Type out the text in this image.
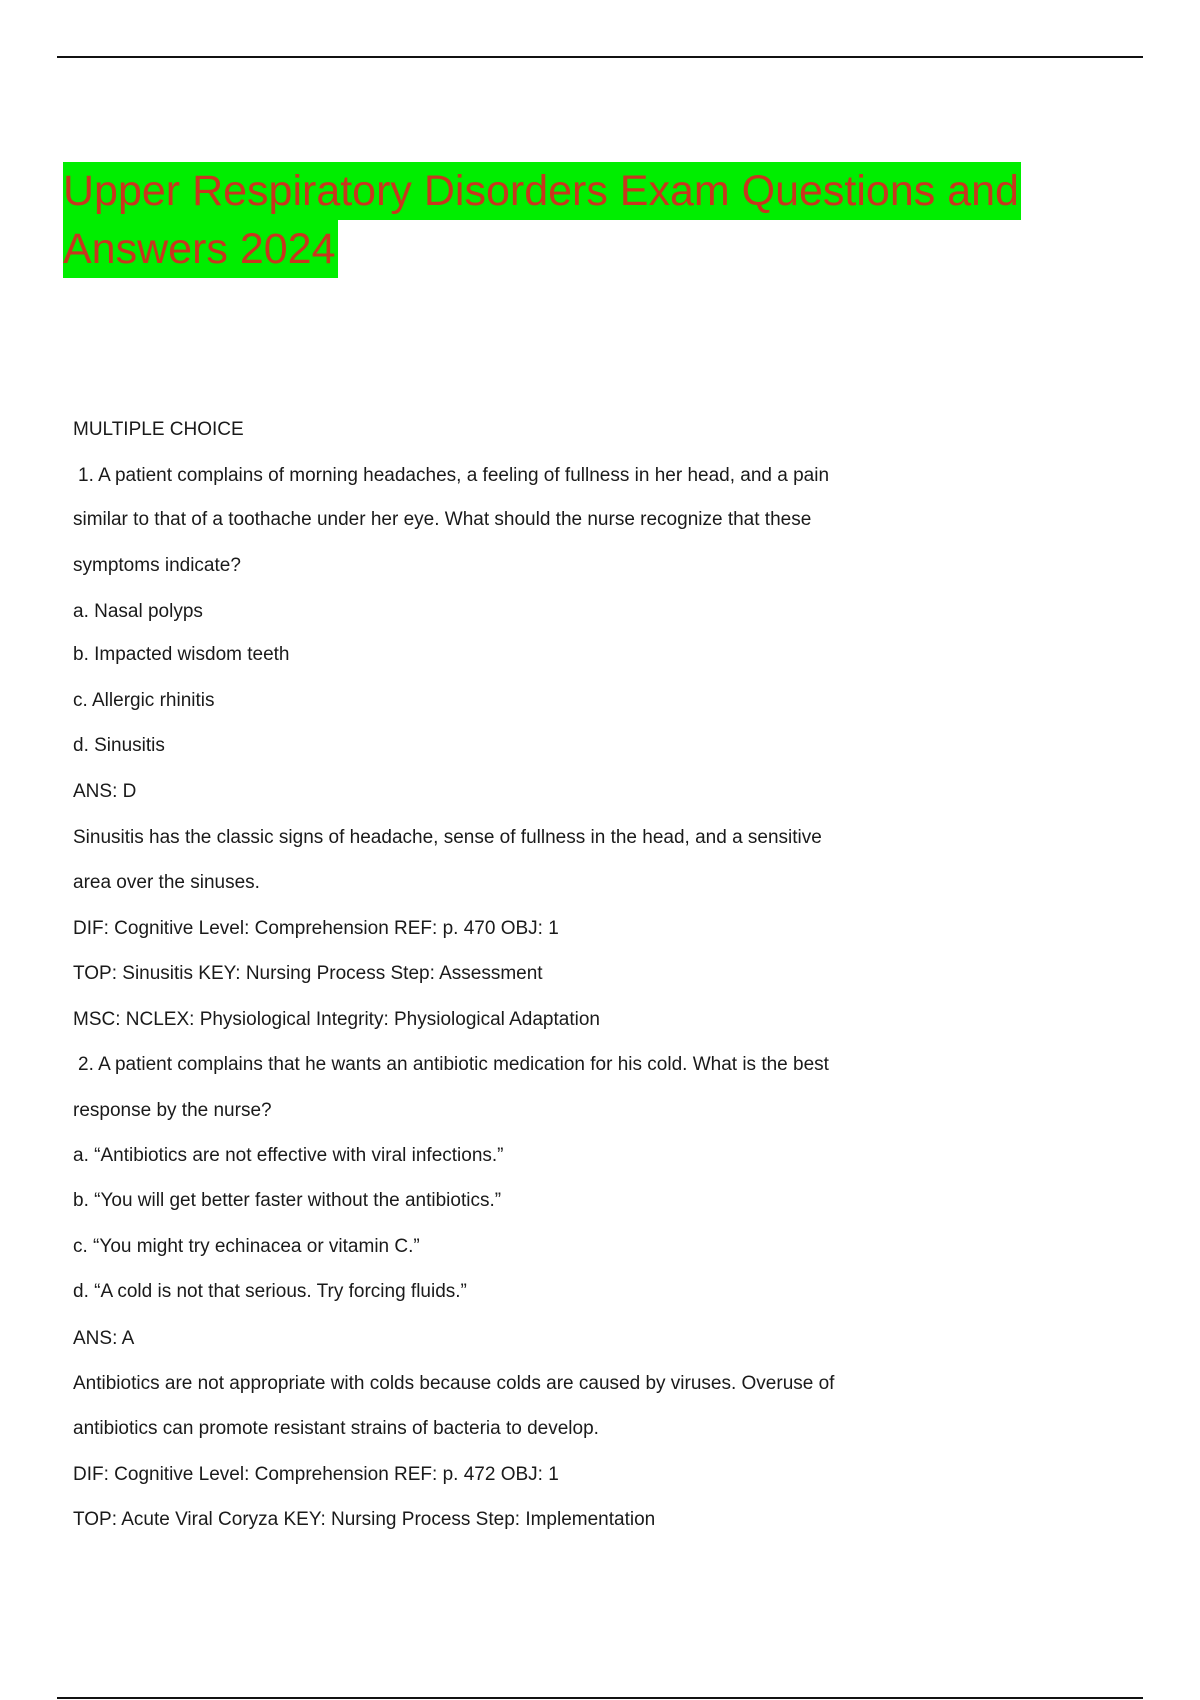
Upper Respiratory Disorders Exam Questions and
Answers 2024
MULTIPLE CHOICE
1. A patient complains of morning headaches, a feeling of fullness in her head, and a pain
similar to that of a toothache under her eye. What should the nurse recognize that these
symptoms indicate?
a. Nasal polyps
b. Impacted wisdom teeth
c. Allergic rhinitis
d. Sinusitis
ANS: D
Sinusitis has the classic signs of headache, sense of fullness in the head, and a sensitive
area over the sinuses.
DIF: Cognitive Level: Comprehension REF: p. 470 OBJ: 1
TOP: Sinusitis KEY: Nursing Process Step: Assessment
MSC: NCLEX: Physiological Integrity: Physiological Adaptation
2. A patient complains that he wants an antibiotic medication for his cold. What is the best
response by the nurse?
a. “Antibiotics are not effective with viral infections.”
b. “You will get better faster without the antibiotics.”
c. “You might try echinacea or vitamin C.”
d. “A cold is not that serious. Try forcing fluids.”
ANS: A
Antibiotics are not appropriate with colds because colds are caused by viruses. Overuse of
antibiotics can promote resistant strains of bacteria to develop.
DIF: Cognitive Level: Comprehension REF: p. 472 OBJ: 1
TOP: Acute Viral Coryza KEY: Nursing Process Step: Implementation
